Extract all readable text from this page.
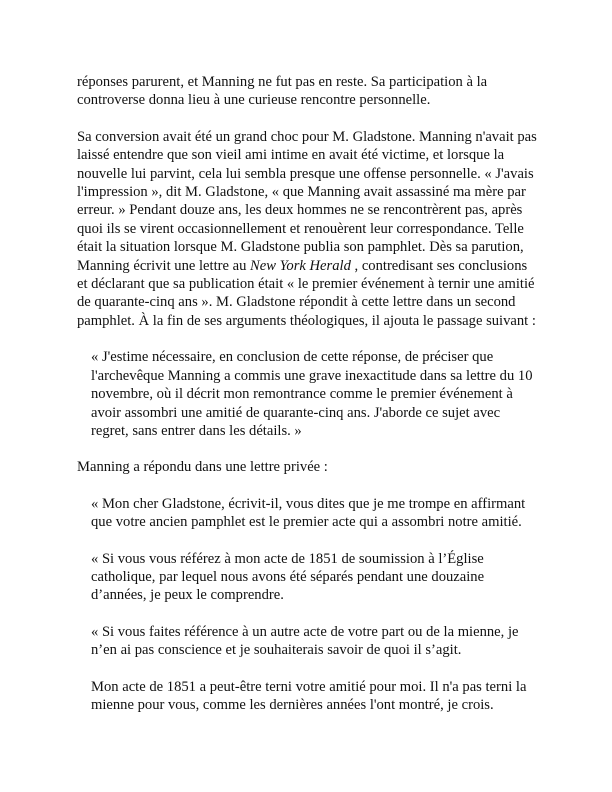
réponses parurent, et Manning ne fut pas en reste. Sa participation à la controverse donna lieu à une curieuse rencontre personnelle.

Sa conversion avait été un grand choc pour M. Gladstone. Manning n'avait pas laissé entendre que son vieil ami intime en avait été victime, et lorsque la nouvelle lui parvint, cela lui sembla presque une offense personnelle. « J'avais l'impression », dit M. Gladstone, « que Manning avait assassiné ma mère par erreur. » Pendant douze ans, les deux hommes ne se rencontrèrent pas, après quoi ils se virent occasionnellement et renouèrent leur correspondance. Telle était la situation lorsque M. Gladstone publia son pamphlet. Dès sa parution, Manning écrivit une lettre au New York Herald , contredisant ses conclusions et déclarant que sa publication était « le premier événement à ternir une amitié de quarante-cinq ans ». M. Gladstone répondit à cette lettre dans un second pamphlet. À la fin de ses arguments théologiques, il ajouta le passage suivant :

« J'estime nécessaire, en conclusion de cette réponse, de préciser que l'archevêque Manning a commis une grave inexactitude dans sa lettre du 10 novembre, où il décrit mon remontrance comme le premier événement à avoir assombri une amitié de quarante-cinq ans. J'aborde ce sujet avec regret, sans entrer dans les détails. »

Manning a répondu dans une lettre privée :

« Mon cher Gladstone, écrivit-il, vous dites que je me trompe en affirmant que votre ancien pamphlet est le premier acte qui a assombri notre amitié.

« Si vous vous référez à mon acte de 1851 de soumission à l’Église catholique, par lequel nous avons été séparés pendant une douzaine d’années, je peux le comprendre.

« Si vous faites référence à un autre acte de votre part ou de la mienne, je n’en ai pas conscience et je souhaiterais savoir de quoi il s’agit.

Mon acte de 1851 a peut-être terni votre amitié pour moi. Il n'a pas terni la mienne pour vous, comme les dernières années l'ont montré, je crois.
